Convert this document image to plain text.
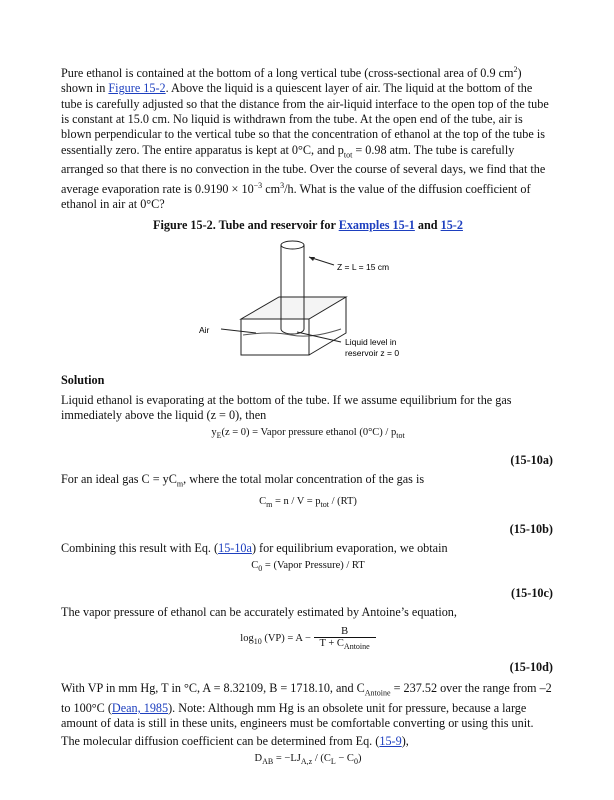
Pure ethanol is contained at the bottom of a long vertical tube (cross-sectional area of 0.9 $cm^2$) shown in Figure 15-2. Above the liquid is a quiescent layer of air. The liquid at the bottom of the tube is carefully adjusted so that the distance from the air-liquid interface to the open top of the tube is constant at 15.0 cm. No liquid is withdrawn from the tube. At the open end of the tube, air is blown perpendicular to the vertical tube so that the concentration of ethanol at the top of the tube is essentially zero. The entire apparatus is kept at 0°C, and $p_{tot} = 0.98$ atm. The tube is carefully arranged so that there is no convection in the tube. Over the course of several days, we find that the average evaporation rate is $0.9190 \times 10^{-3}$ $cm^3/h$. What is the value of the diffusion coefficient of ethanol in air at 0°C?

Figure 15-2. Tube and reservoir for Examples 15-1 and 15-2
Z = L = 15 cm
Air
Liquid level in
reservoir z = 0

Solution

Liquid ethanol is evaporating at the bottom of the tube. If we assume equilibrium for the gas immediately above the liquid (z = 0), then

$y_E(z = 0)$ = Vapor pressure ethanol $(0^\circ C) / p_{tot}$
(15-10a)

For an ideal gas $C = yC_m$, where the total molar concentration of the gas is

$C_m = n / V = p_{tot} / (RT)$
(15-10b)

Combining this result with Eq. (15-10a) for equilibrium evaporation, we obtain

$C_0$ = (Vapor Pressure) / RT
(15-10c)

The vapor pressure of ethanol can be accurately estimated by Antoine’s equation,

$\log_{10} (VP) = A - \frac{B}{T + C_{Antoine}}$
(15-10d)

With VP in mm Hg, T in °C, A = 8.32109, B = 1718.10, and $C_{Antoine} = 237.52$ over the range from –2 to 100°C (Dean, 1985). Note: Although mm Hg is an obsolete unit for pressure, because a large amount of data is still in these units, engineers must be comfortable converting or using this unit.

The molecular diffusion coefficient can be determined from Eq. (15-9),

$D_{AB} = -LJ_{A,z} / (C_L - C_0)$
